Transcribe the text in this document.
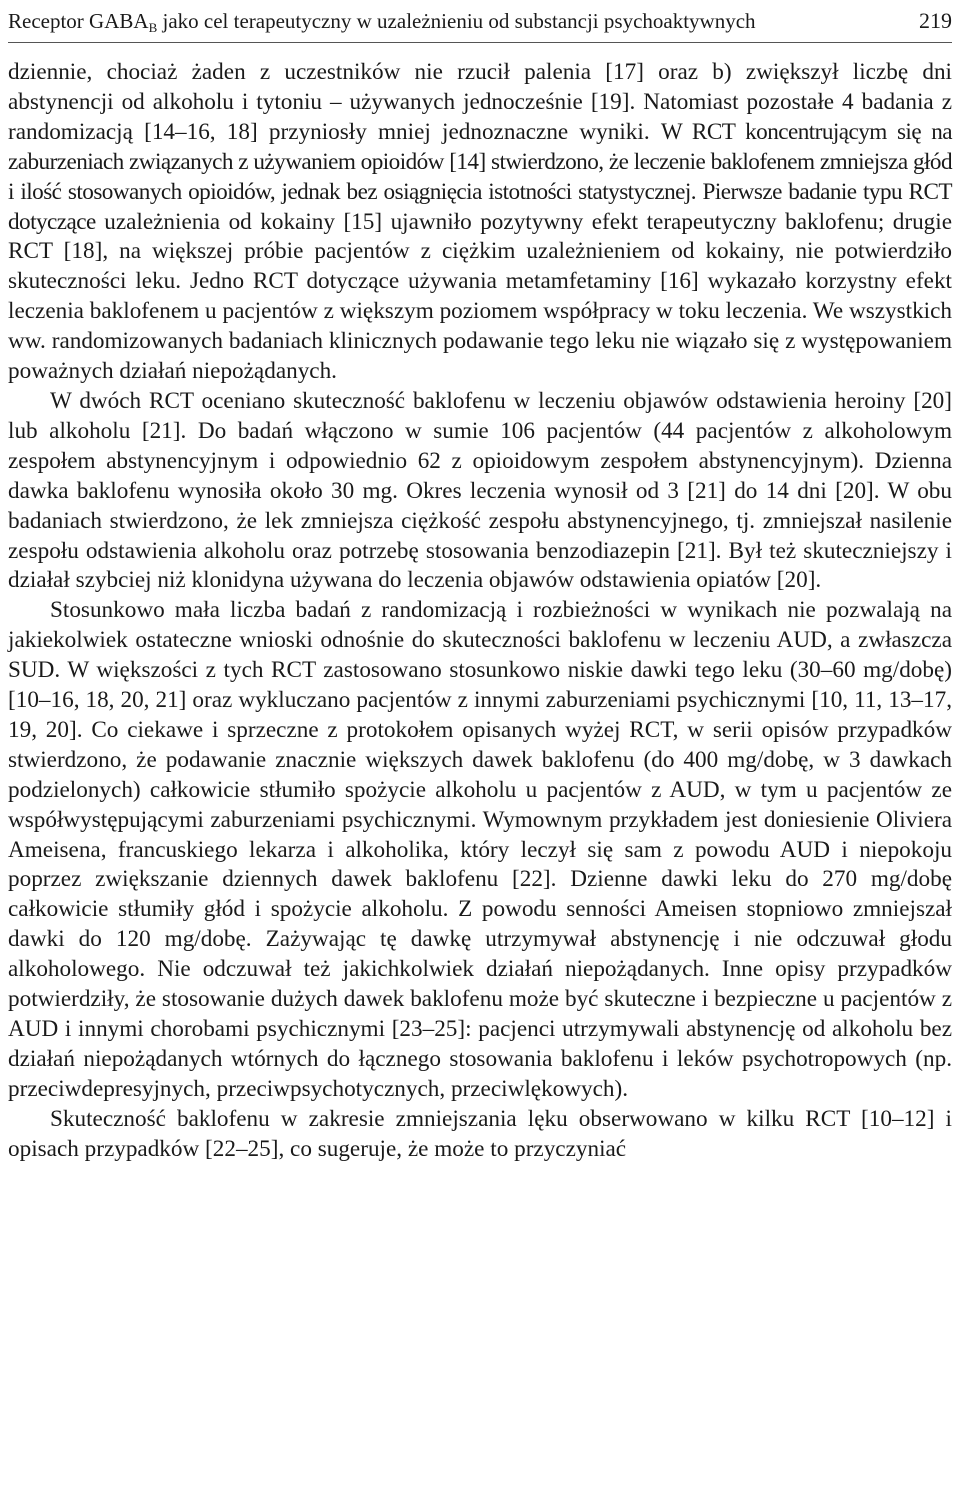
Receptor $GABA_B$ jako cel terapeutyczny w uzależnieniu od substancji psychoaktywnych	219

dziennie, chociaż żaden z uczestników nie rzucił palenia [17] oraz b) zwiększył liczbę dni abstynencji od alkoholu i tytoniu – używanych jednocześnie [19]. Natomiast pozostałe 4 badania z randomizacją [14–16, 18] przyniosły mniej jednoznaczne wyniki. W RCT koncentrującym się na zaburzeniach związanych z używaniem opioidów [14] stwierdzono, że leczenie baklofenem zmniejsza głód i ilość stosowanych opioidów, jednak bez osiągnięcia istotności statystycznej. Pierwsze badanie typu RCT dotyczące uzależnienia od kokainy [15] ujawniło pozytywny efekt terapeutyczny baklofenu; drugie RCT [18], na większej próbie pacjentów z ciężkim uzależnieniem od kokainy, nie potwierdziło skuteczności leku. Jedno RCT dotyczące używania metamfetaminy [16] wykazało korzystny efekt leczenia baklofenem u pacjentów z większym poziomem współpracy w toku leczenia. We wszystkich ww. randomizowanych badaniach klinicznych podawanie tego leku nie wiązało się z występowaniem poważnych działań niepożądanych.

W dwóch RCT oceniano skuteczność baklofenu w leczeniu objawów odstawienia heroiny [20] lub alkoholu [21]. Do badań włączono w sumie 106 pacjentów (44 pacjentów z alkoholowym zespołem abstynencyjnym i odpowiednio 62 z opioidowym zespołem abstynencyjnym). Dzienna dawka baklofenu wynosiła około 30 mg. Okres leczenia wynosił od 3 [21] do 14 dni [20]. W obu badaniach stwierdzono, że lek zmniejsza ciężkość zespołu abstynencyjnego, tj. zmniejszał nasilenie zespołu odstawienia alkoholu oraz potrzebę stosowania benzodiazepin [21]. Był też skuteczniejszy i działał szybciej niż klonidyna używana do leczenia objawów odstawienia opiatów [20].

Stosunkowo mała liczba badań z randomizacją i rozbieżności w wynikach nie pozwalają na jakiekolwiek ostateczne wnioski odnośnie do skuteczności baklofenu w leczeniu AUD, a zwłaszcza SUD. W większości z tych RCT zastosowano stosunkowo niskie dawki tego leku (30–60 mg/dobę) [10–16, 18, 20, 21] oraz wykluczano pacjentów z innymi zaburzeniami psychicznymi [10, 11, 13–17, 19, 20]. Co ciekawe i sprzeczne z protokołem opisanych wyżej RCT, w serii opisów przypadków stwierdzono, że podawanie znacznie większych dawek baklofenu (do 400 mg/dobę, w 3 dawkach podzielonych) całkowicie stłumiło spożycie alkoholu u pacjentów z AUD, w tym u pacjentów ze współwystępującymi zaburzeniami psychicznymi. Wymownym przykładem jest doniesienie Oliviera Ameisena, francuskiego lekarza i alkoholika, który leczył się sam z powodu AUD i niepokoju poprzez zwiększanie dziennych dawek baklofenu [22]. Dzienne dawki leku do 270 mg/dobę całkowicie stłumiły głód i spożycie alkoholu. Z powodu senności Ameisen stopniowo zmniejszał dawki do 120 mg/dobę. Zażywając tę dawkę utrzymywał abstynencję i nie odczuwał głodu alkoholowego. Nie odczuwał też jakichkolwiek działań niepożądanych. Inne opisy przypadków potwierdziły, że stosowanie dużych dawek baklofenu może być skuteczne i bezpieczne u pacjentów z AUD i innymi chorobami psychicznymi [23–25]: pacjenci utrzymywali abstynencję od alkoholu bez działań niepożądanych wtórnych do łącznego stosowania baklofenu i leków psychotropowych (np. przeciwdepresyjnych, przeciwpsychotycznych, przeciwlękowych).

Skuteczność baklofenu w zakresie zmniejszania lęku obserwowano w kilku RCT [10–12] i opisach przypadków [22–25], co sugeruje, że może to przyczyniać
